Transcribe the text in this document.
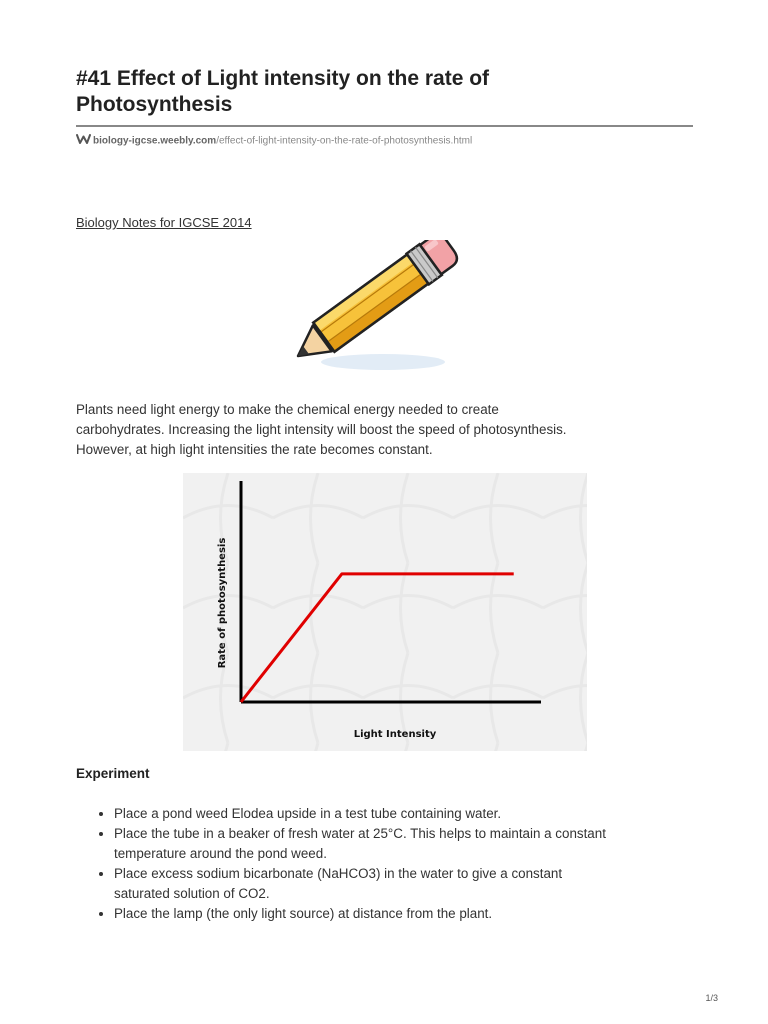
#41 Effect of Light intensity on the rate of
Photosynthesis
biology-igcse.weebly.com/effect-of-light-intensity-on-the-rate-of-photosynthesis.html
Biology Notes for IGCSE 2014

Plants need light energy to make the chemical energy needed to create
carbohydrates. Increasing the light intensity will boost the speed of photosynthesis.
However, at high light intensities the rate becomes constant.

Light Intensity
Rate of photosynthesis
Experiment
• Place a pond weed Elodea upside in a test tube containing water.
• Place the tube in a beaker of fresh water at 25°C. This helps to maintain a constant
temperature around the pond weed.
• Place excess sodium bicarbonate (NaHCO3) in the water to give a constant
saturated solution of CO2.
• Place the lamp (the only light source) at distance from the plant.
1/3
